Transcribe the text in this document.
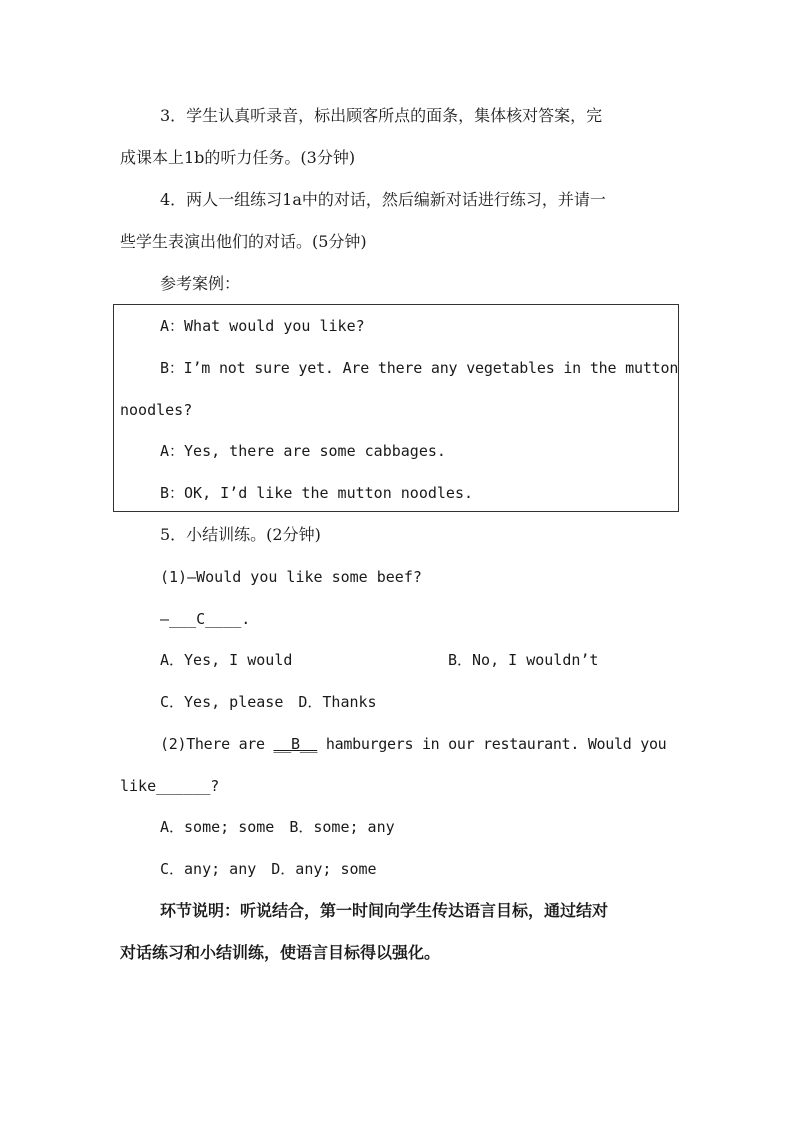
3．学生认真听录音，标出顾客所点的面条，集体核对答案，完
成课本上1b的听力任务。(3分钟)
4．两人一组练习1a中的对话，然后编新对话进行练习，并请一
些学生表演出他们的对话。(5分钟)
参考案例：
A：What would you like?
B：I’m not sure yet. Are there any vegetables in the mutton
noodles?
A：Yes, there are some cabbages.
B：OK, I’d like the mutton noodles.
5．小结训练。(2分钟)
(1)—Would you like some beef?
—___C____.
A．Yes, I would	B．No, I wouldn’t
C．Yes, please　D．Thanks
(2)There are __B__ hamburgers in our restaurant. Would you
like______?
A．some; some　B．some; any
C．any; any　D．any; some
环节说明：听说结合，第一时间向学生传达语言目标，通过结对
对话练习和小结训练，使语言目标得以强化。
